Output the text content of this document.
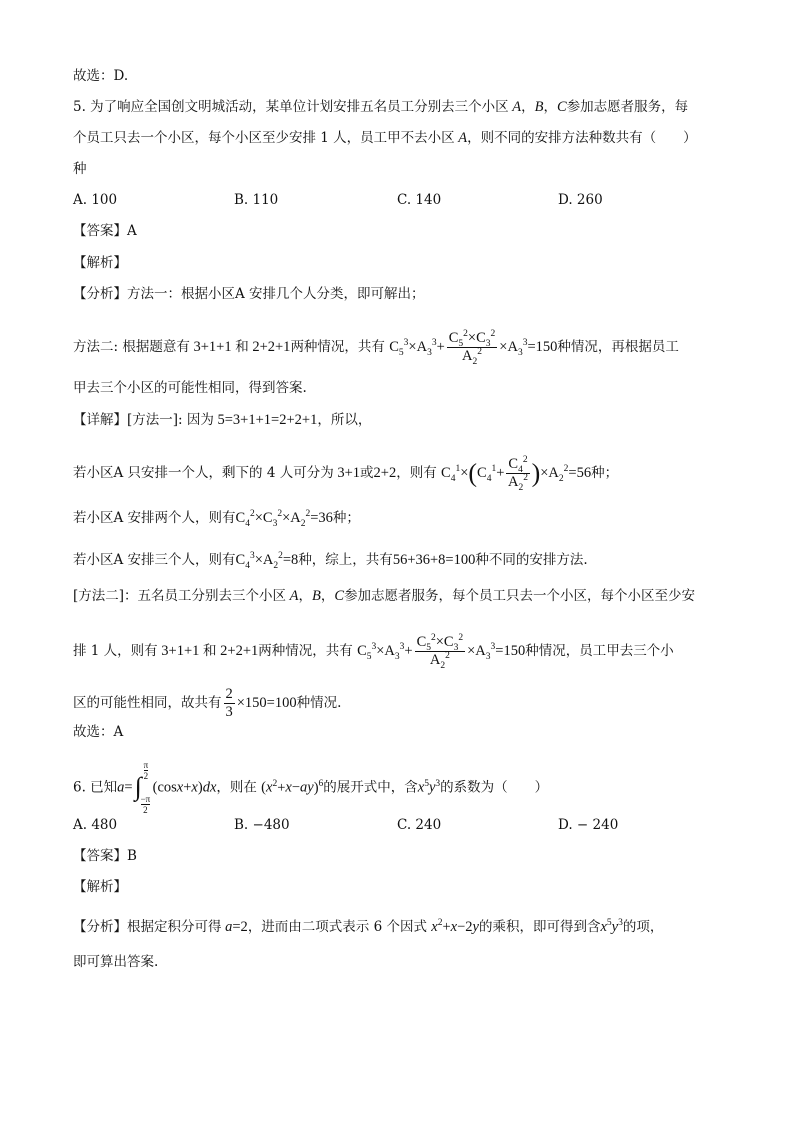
故选：D.
5. 为了响应全国创文明城活动，某单位计划安排五名员工分别去三个小区 A，B，C参加志愿者服务，每
个员工只去一个小区，每个小区至少安排 1 人，员工甲不去小区 A，则不同的安排方法种数共有（　　）
种
A. 100	B. 110	C. 140	D. 260
【答案】A
【解析】
【分析】方法一：根据小区A 安排几个人分类，即可解出；
方法二: 根据题意有 3+1+1 和 2+2+1两种情况，共有 $C_5^3\times A_3^3+ \frac{C_5^2\times C_3^2}{A_2^2} \times A_3^3=150$种情况，再根据员工
甲去三个小区的可能性相同，得到答案.
【详解】[方法一]: 因为 5=3+1+1=2+2+1，所以，
若小区A 只安排一个人，剩下的 4 人可分为 3+1或2+2，则有 $C_4^1\times(C_4^1+ \frac{C_4^2}{A_2^2} )\times A_2^2=56$种；
若小区A 安排两个人，则有$C_4^2\times C_3^2\times A_2^2=36$种；
若小区A 安排三个人，则有$C_4^3\times A_2^2=8$种，综上，共有56+36+8=100种不同的安排方法.
[方法二]：五名员工分别去三个小区 A，B，C参加志愿者服务，每个员工只去一个小区，每个小区至少安
排 1 人，则有 3+1+1 和 2+2+1两种情况，共有 $C_5^3\times A_3^3+ \frac{C_5^2\times C_3^2}{A_2^2} \times A_3^3=150$种情况，员工甲去三个小
区的可能性相同，故共有 $\frac{2}{3} \times 150=100$种情况.
故选：A
6. 已知a= ∫
π
2
−π
2
(cosx+x)dx，则在 $(x^2+x-ay)^6$的展开式中，含$x^5y^3$的系数为（　　）
A. 480	B. −480	C. 240	D. − 240
【答案】B
【解析】
【分析】根据定积分可得 a=2，进而由二项式表示 6 个因式 $x^2+x-2y$的乘积，即可得到含$x^5y^3$的项，
即可算出答案.
